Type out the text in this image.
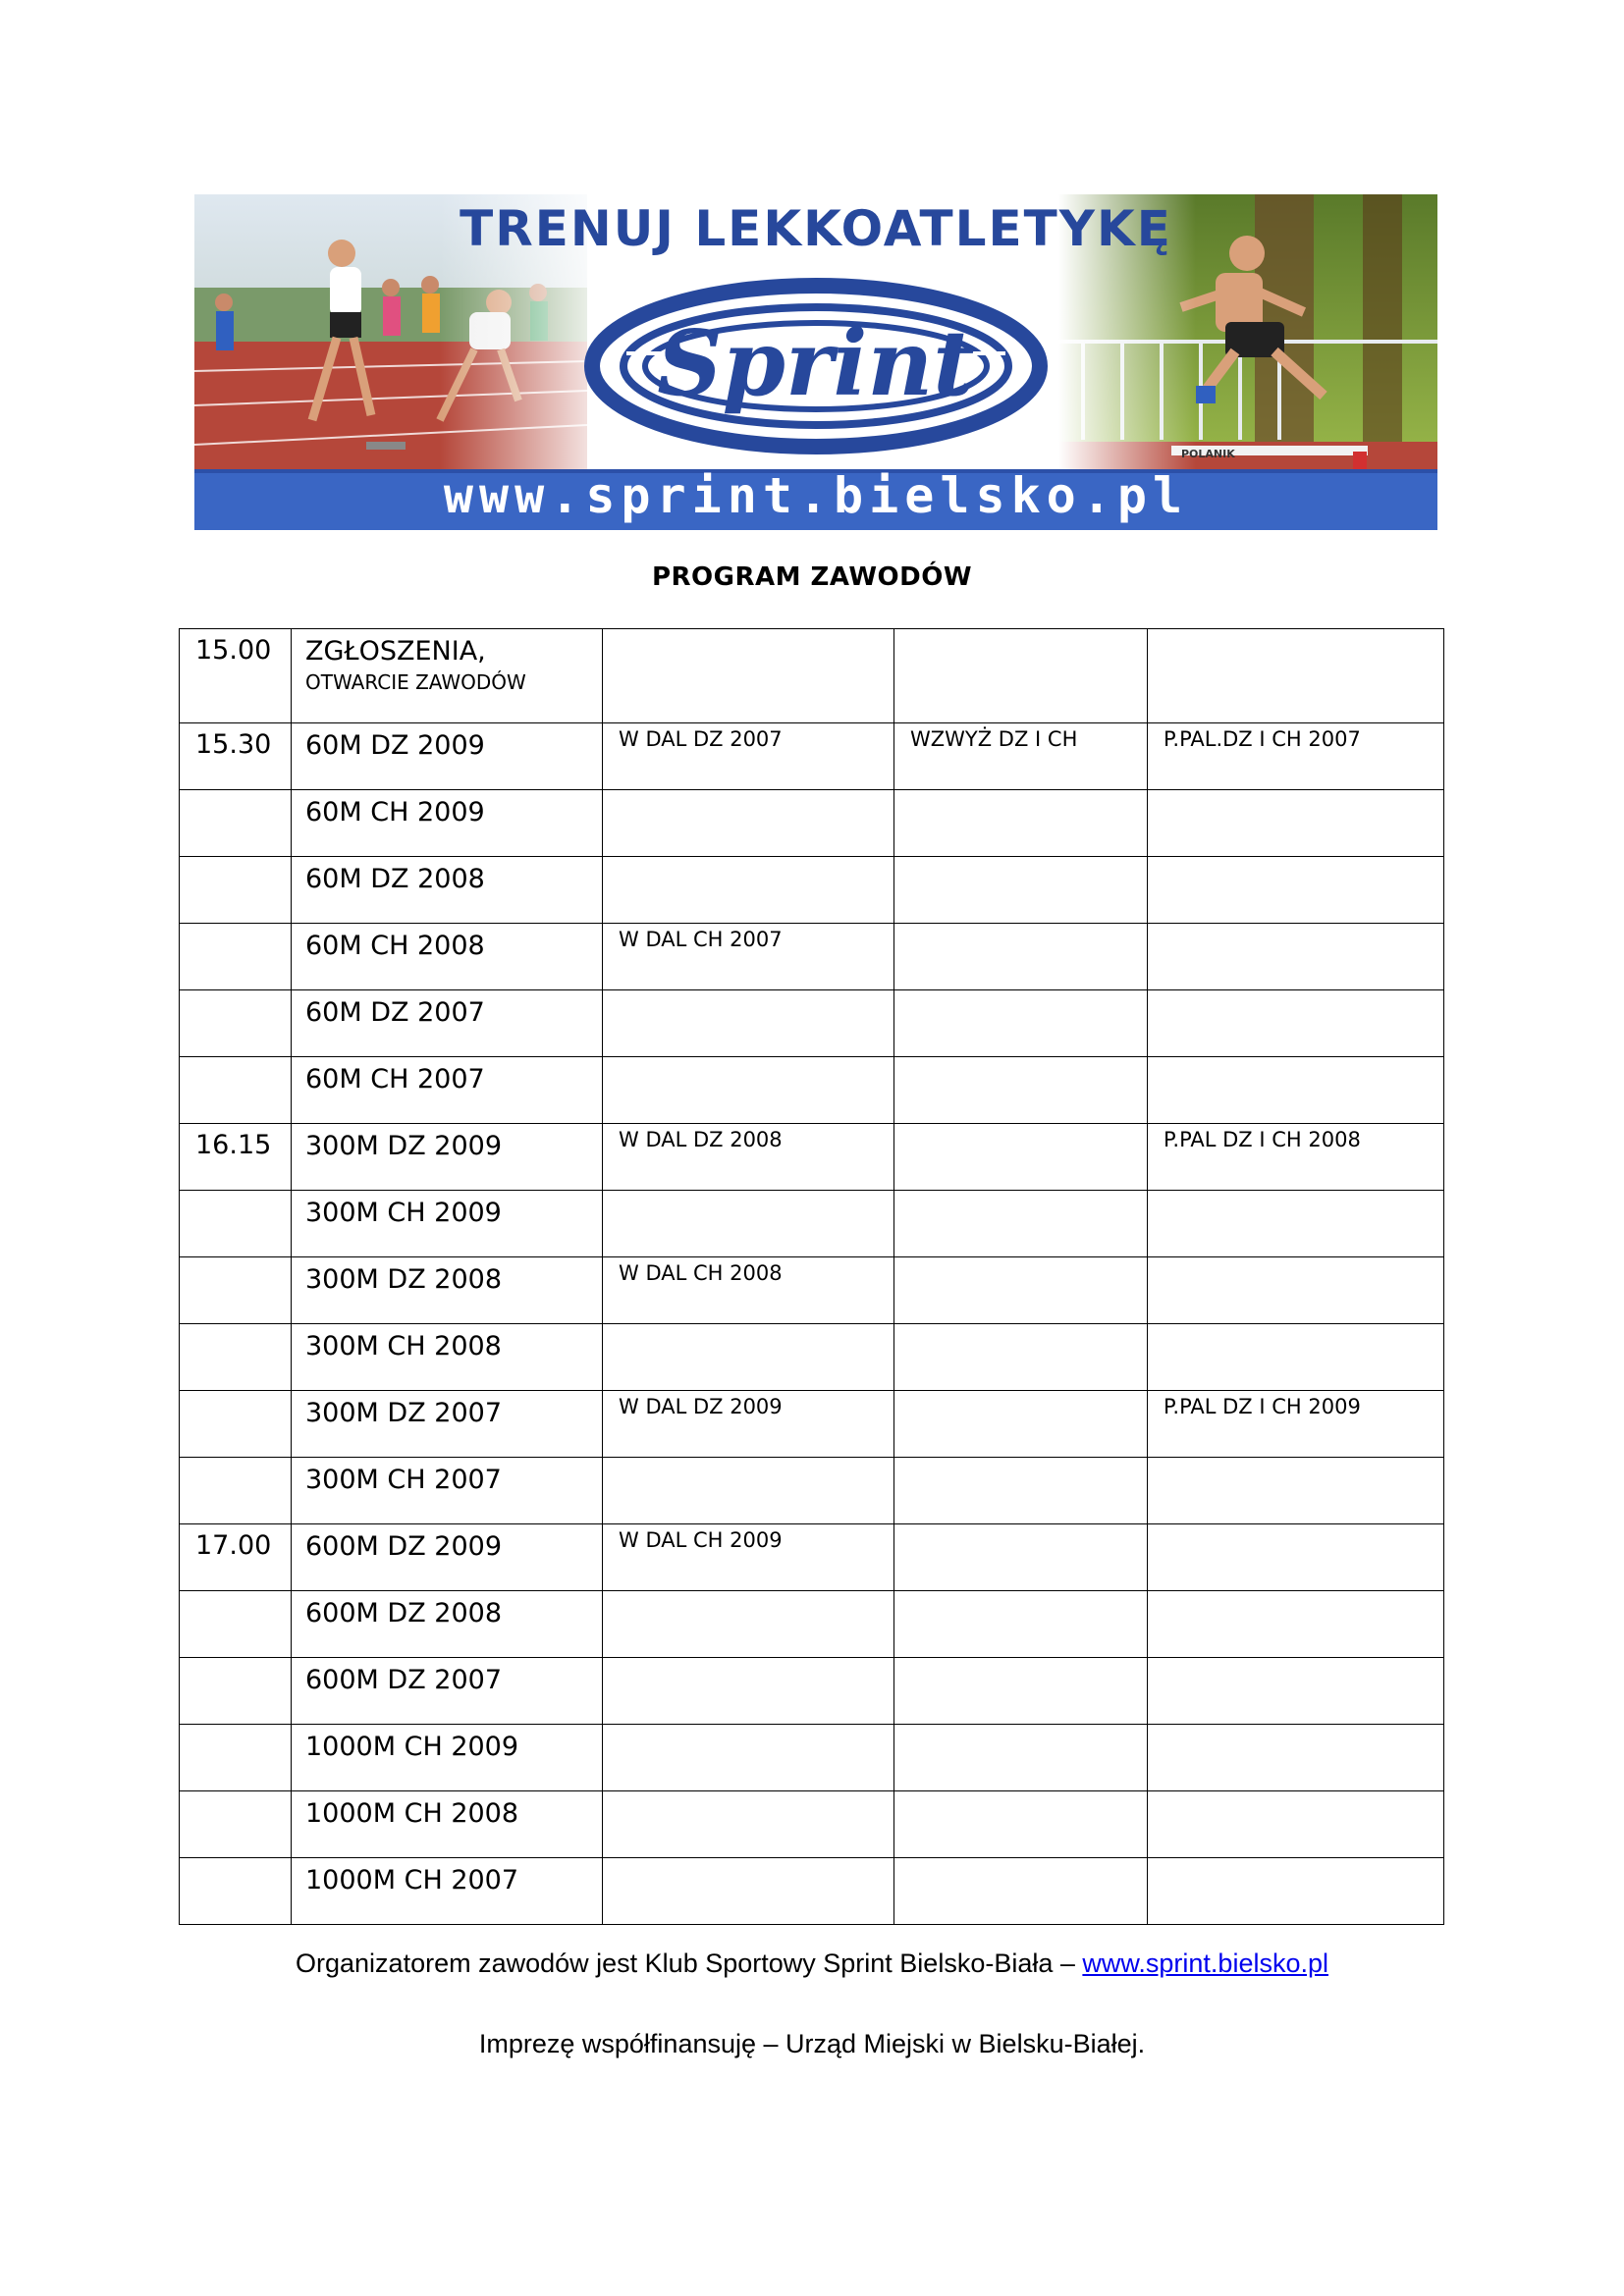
TRENUJ LEKKOATLETYKĘ
Sprint
POLANIK
www.sprint.bielsko.pl
PROGRAM ZAWODÓW
15.00	ZGŁOSZENIA,
OTWARCIE ZAWODÓW			

15.30	60M DZ 2009	W DAL DZ 2007	WZWYŻ DZ I CH	P.PAL.DZ I CH 2007

	60M CH 2009			

	60M DZ 2008			

	60M CH 2008	W DAL CH 2007		

	60M DZ 2007			

	60M CH 2007			

16.15	300M DZ 2009	W DAL DZ 2008		P.PAL DZ I CH 2008

	300M CH 2009			

	300M DZ 2008	W DAL CH 2008		

	300M CH 2008			

	300M DZ 2007	W DAL DZ 2009		P.PAL DZ I CH 2009

	300M CH 2007			

17.00	600M DZ 2009	W DAL CH 2009		

	600M DZ 2008			

	600M DZ 2007			

	1000M CH 2009			

	1000M CH 2008			

	1000M CH 2007			

Organizatorem zawodów jest Klub Sportowy Sprint Bielsko-Biała – www.sprint.bielsko.pl
Imprezę współfinansuję – Urząd Miejski w Bielsku-Białej.
